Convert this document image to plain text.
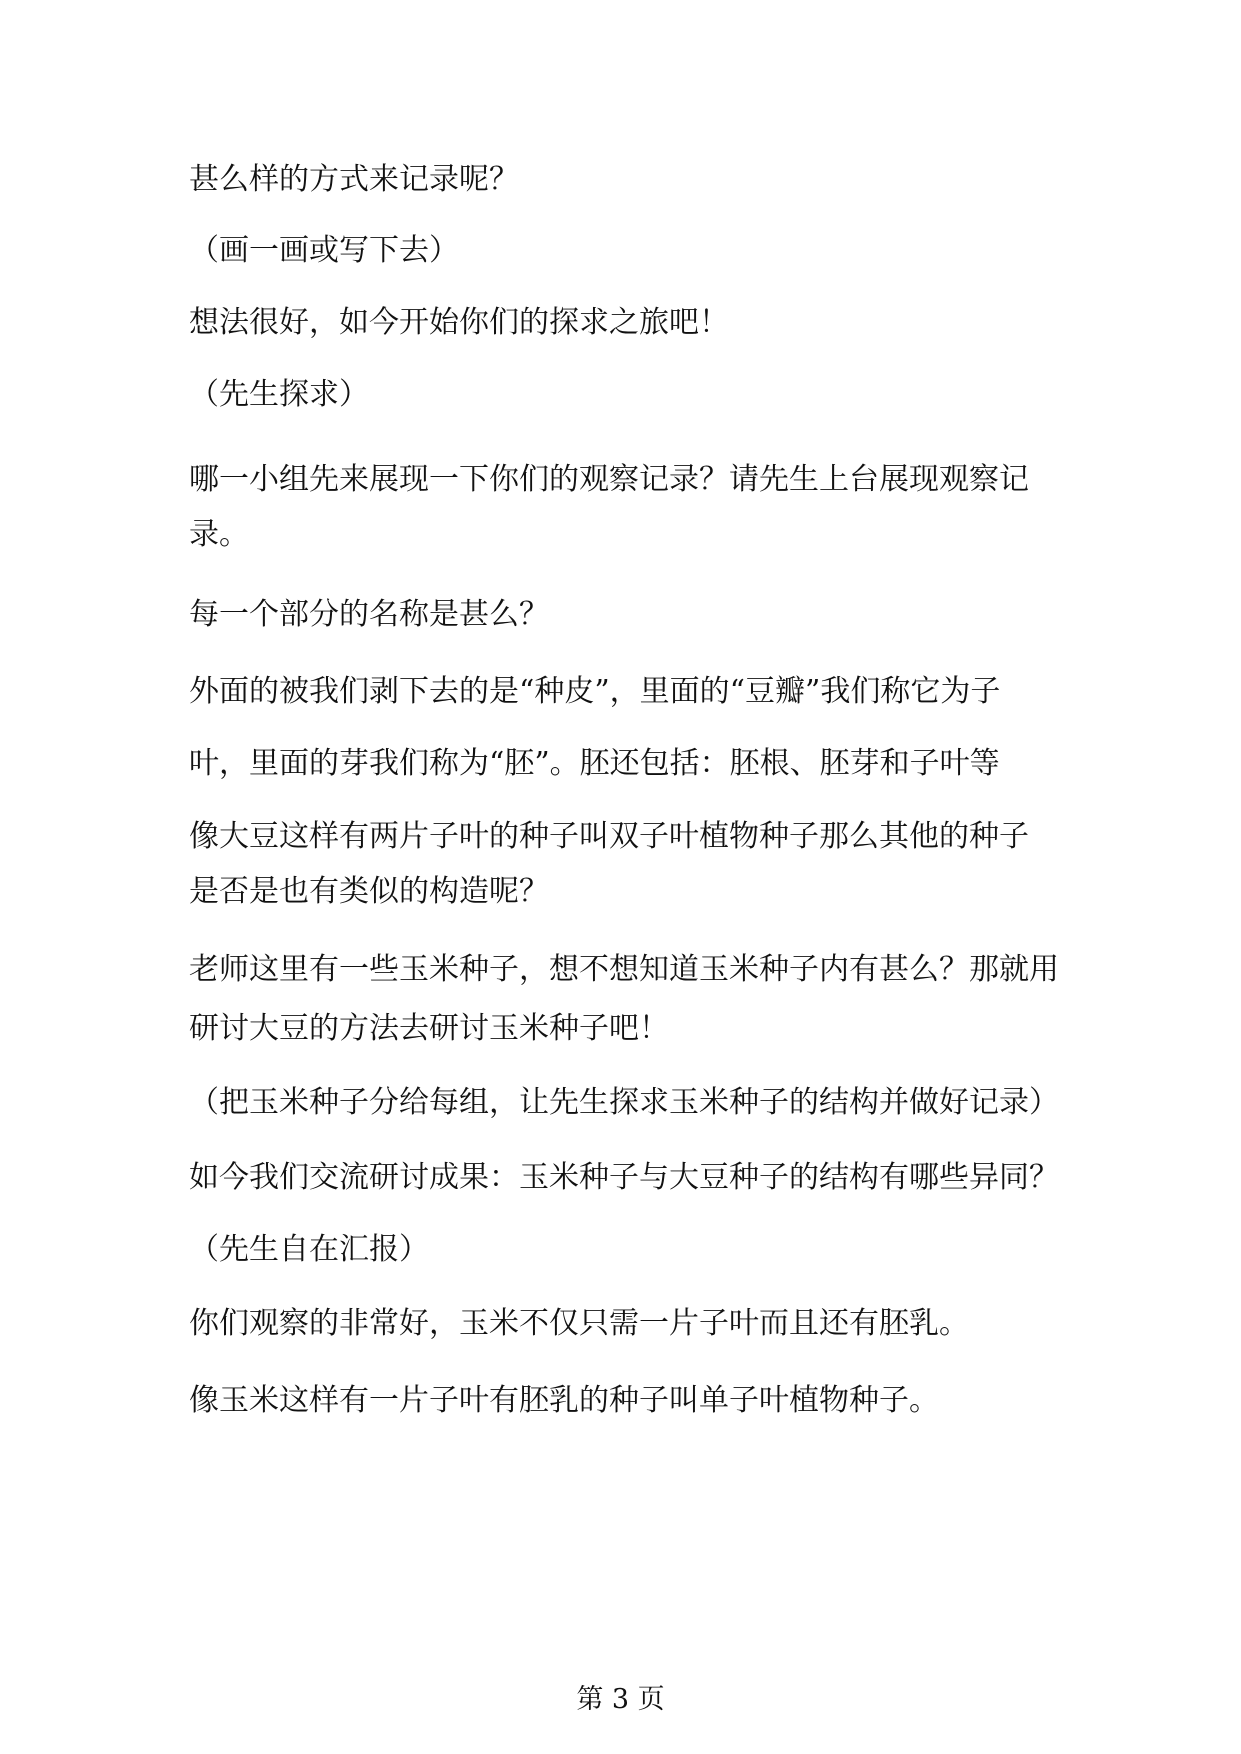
甚么样的方式来记录呢？
（画一画或写下去）
想法很好，如今开始你们的探求之旅吧！
（先生探求）
哪一小组先来展现一下你们的观察记录？请先生上台展现观察记
录。
每一个部分的名称是甚么？
外面的被我们剥下去的是“种皮”，里面的“豆瓣”我们称它为子
叶，里面的芽我们称为“胚”。胚还包括：胚根、胚芽和子叶等
像大豆这样有两片子叶的种子叫双子叶植物种子那么其他的种子
是否是也有类似的构造呢？
老师这里有一些玉米种子，想不想知道玉米种子内有甚么？那就用
研讨大豆的方法去研讨玉米种子吧！
（把玉米种子分给每组，让先生探求玉米种子的结构并做好记录）
如今我们交流研讨成果：玉米种子与大豆种子的结构有哪些异同？
（先生自在汇报）
你们观察的非常好，玉米不仅只需一片子叶而且还有胚乳。
像玉米这样有一片子叶有胚乳的种子叫单子叶植物种子。
第 3 页
